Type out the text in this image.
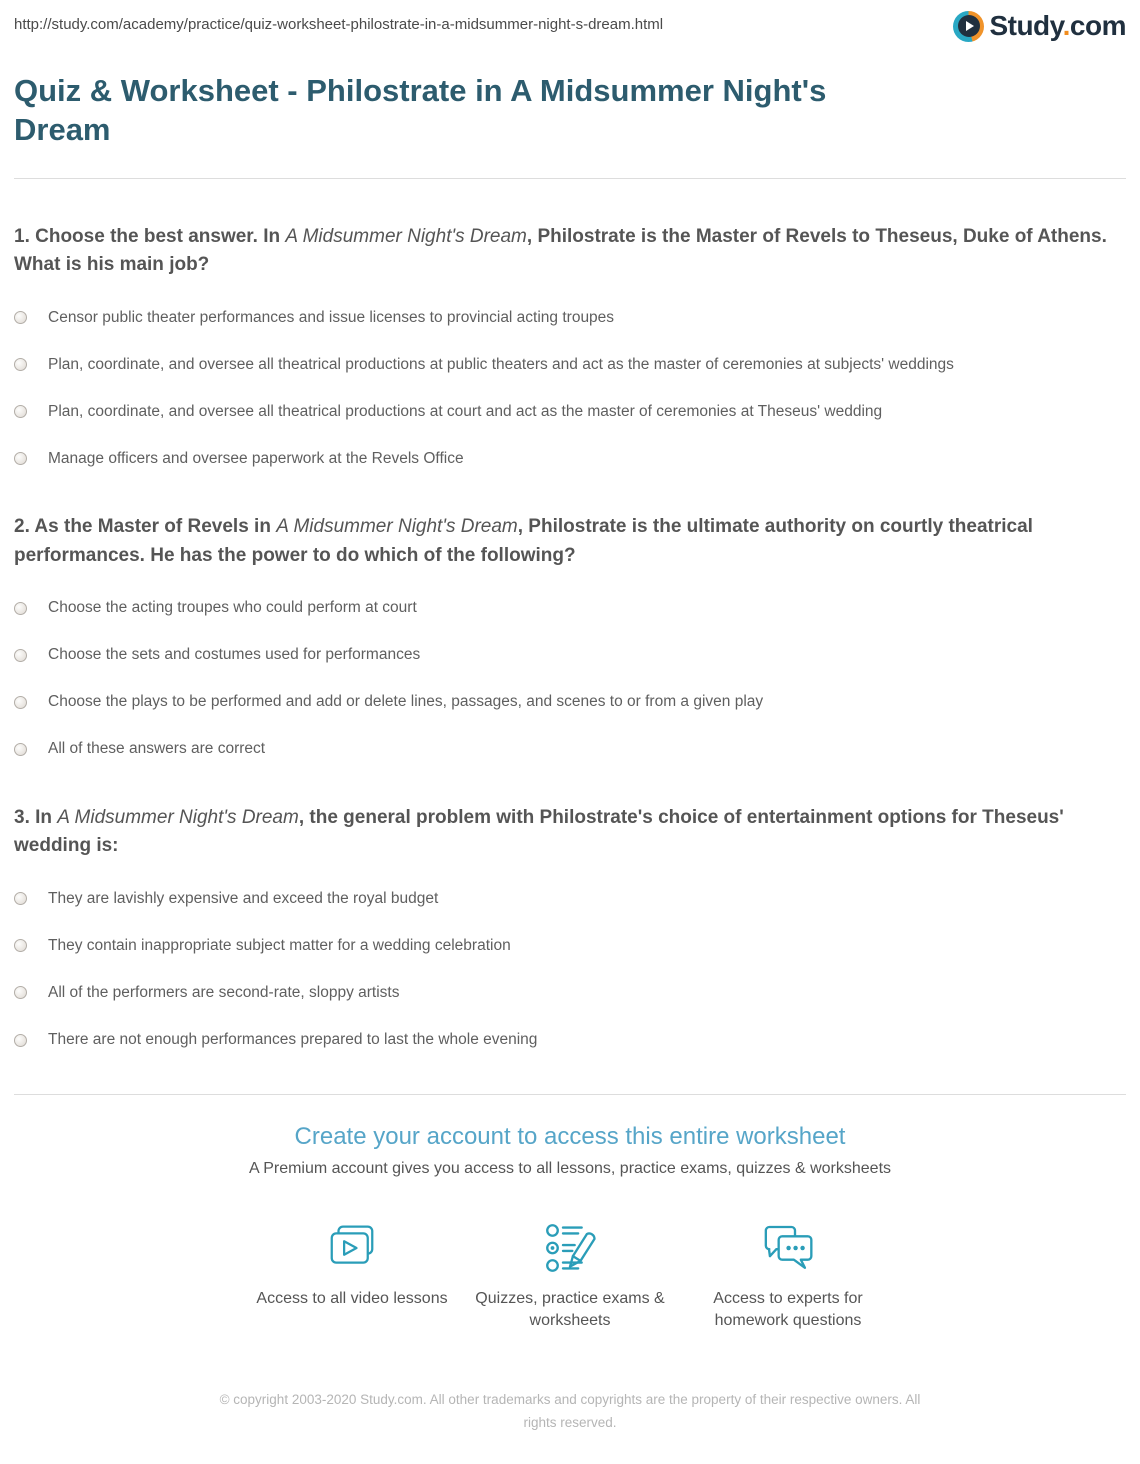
http://study.com/academy/practice/quiz-worksheet-philostrate-in-a-midsummer-night-s-dream.html	Study.com
Quiz & Worksheet - Philostrate in A Midsummer Night's Dream
1. Choose the best answer. In A Midsummer Night's Dream, Philostrate is the Master of Revels to Theseus, Duke of Athens. What is his main job?
Censor public theater performances and issue licenses to provincial acting troupes
Plan, coordinate, and oversee all theatrical productions at public theaters and act as the master of ceremonies at subjects' weddings
Plan, coordinate, and oversee all theatrical productions at court and act as the master of ceremonies at Theseus' wedding
Manage officers and oversee paperwork at the Revels Office
2. As the Master of Revels in A Midsummer Night's Dream, Philostrate is the ultimate authority on courtly theatrical performances. He has the power to do which of the following?
Choose the acting troupes who could perform at court
Choose the sets and costumes used for performances
Choose the plays to be performed and add or delete lines, passages, and scenes to or from a given play
All of these answers are correct
3. In A Midsummer Night's Dream, the general problem with Philostrate's choice of entertainment options for Theseus' wedding is:
They are lavishly expensive and exceed the royal budget
They contain inappropriate subject matter for a wedding celebration
All of the performers are second-rate, sloppy artists
There are not enough performances prepared to last the whole evening
Create your account to access this entire worksheet
A Premium account gives you access to all lessons, practice exams, quizzes & worksheets
Access to all video lessons	Quizzes, practice exams & worksheets
Access to experts for homework questions
© copyright 2003-2020 Study.com. All other trademarks and copyrights are the property of their respective owners. All rights reserved.
